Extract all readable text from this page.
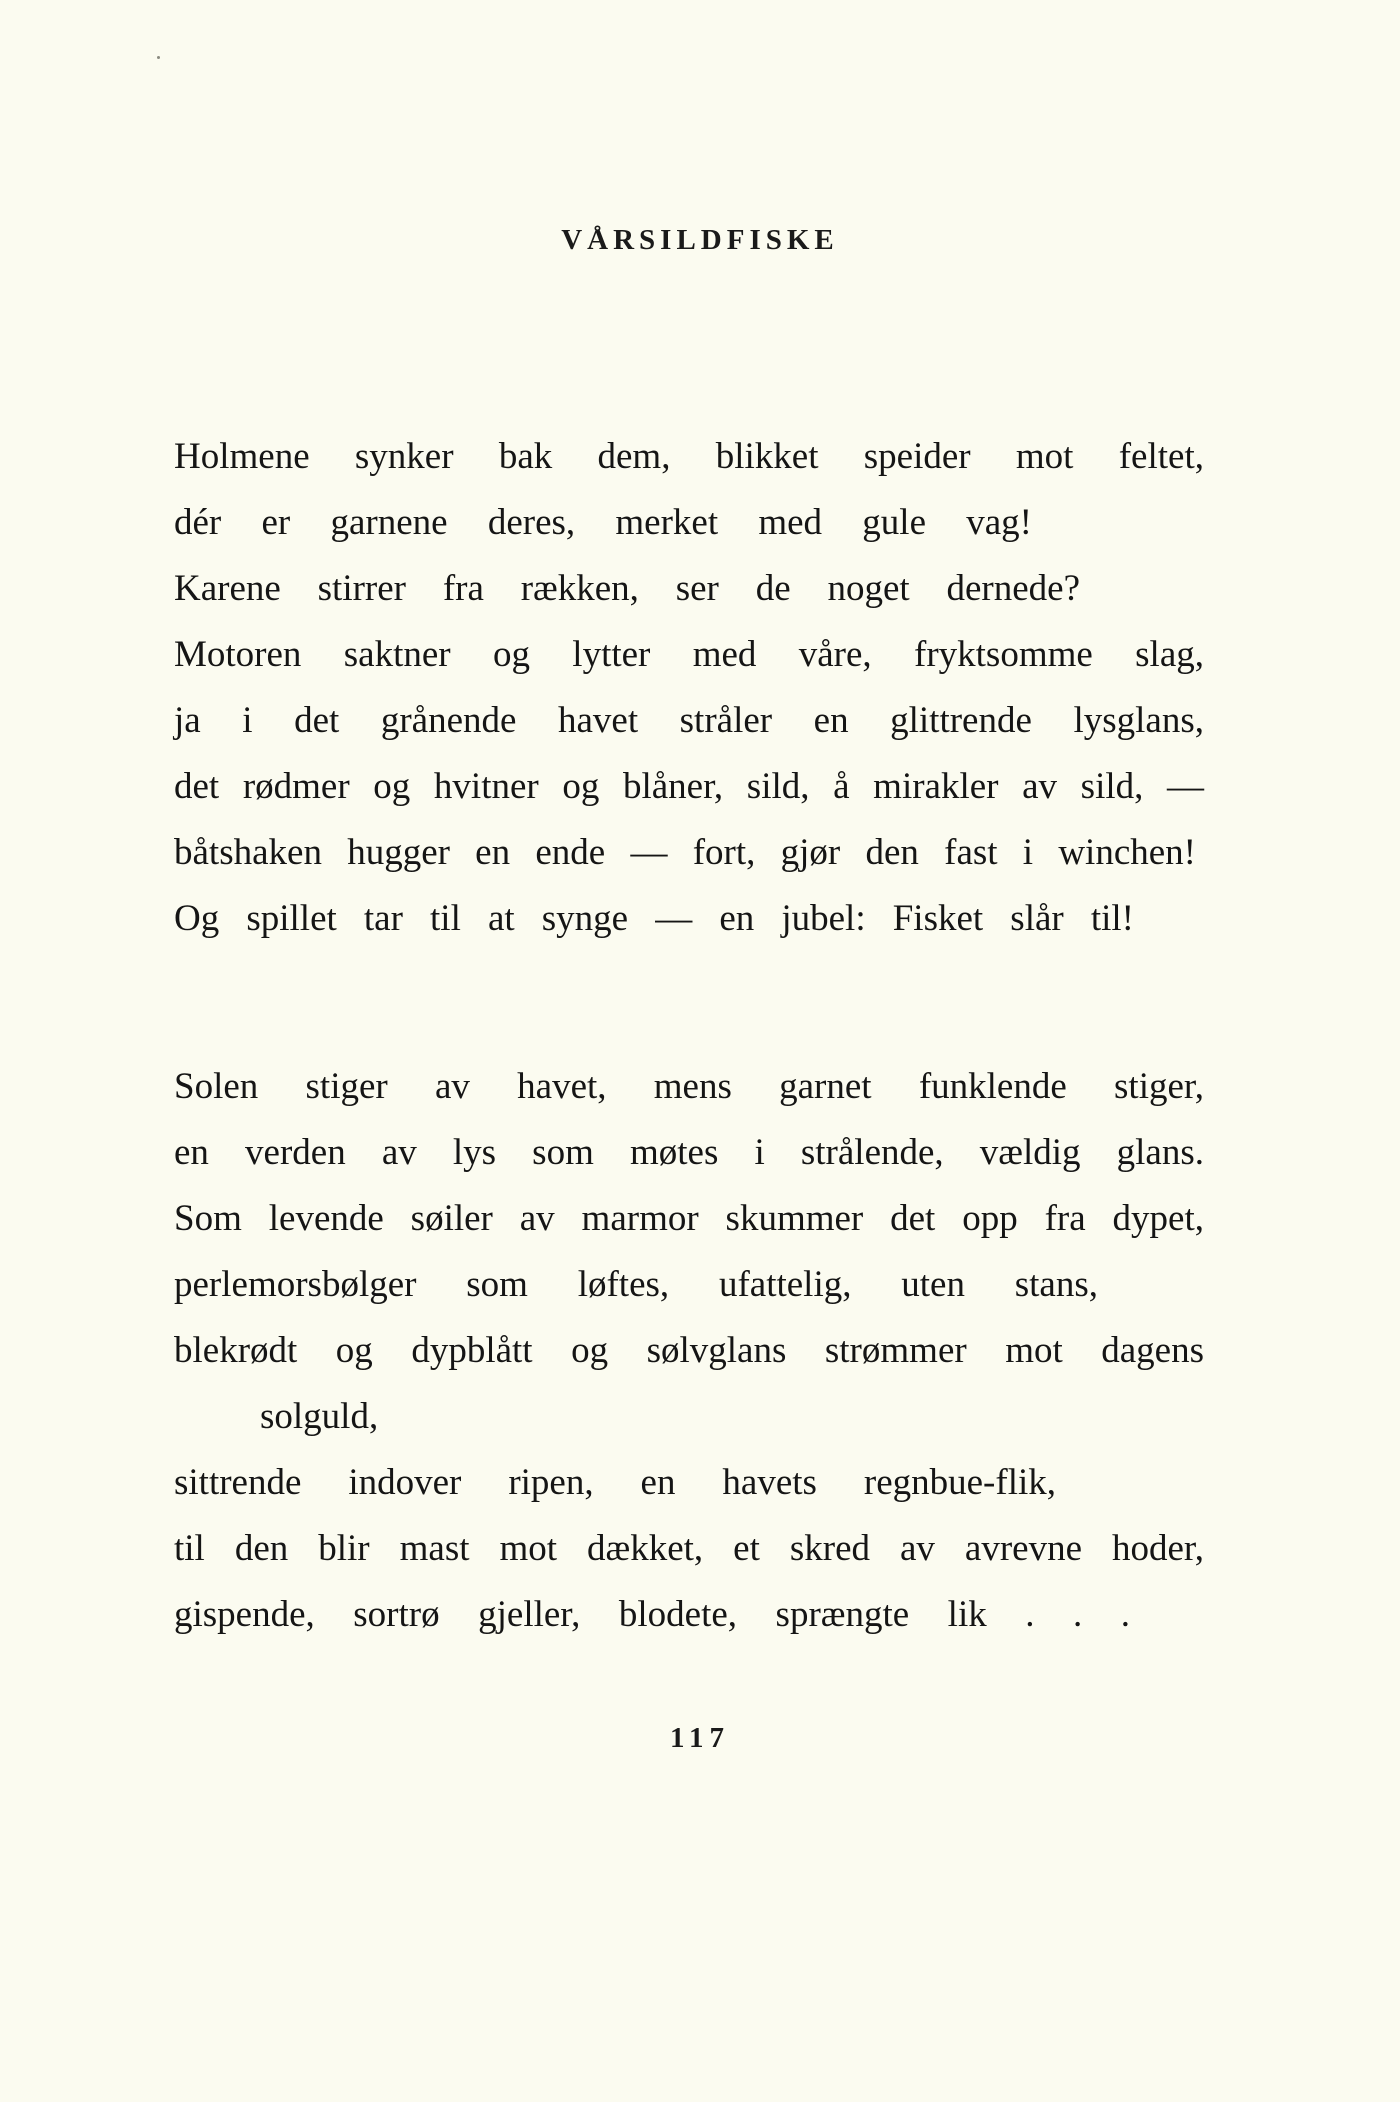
VÅRSILDFISKE
Holmene synker bak dem, blikket speider mot feltet,
dér er garnene deres, merket med gule vag!
Karene stirrer fra rækken, ser de noget dernede?
Motoren saktner og lytter med våre, fryktsomme slag,
ja i det grånende havet stråler en glittrende lysglans,
det rødmer og hvitner og blåner, sild, å mirakler av sild, —
båtshaken hugger en ende — fort, gjør den fast i winchen!
Og spillet tar til at synge — en jubel: Fisket slår til!
Solen stiger av havet, mens garnet funklende stiger,
en verden av lys som møtes i strålende, vældig glans.
Som levende søiler av marmor skummer det opp fra dypet,
perlemorsbølger som løftes, ufattelig, uten stans,
blekrødt og dypblått og sølvglans strømmer mot dagens
solguld,
sittrende indover ripen, en havets regnbue-flik,
til den blir mast mot dækket, et skred av avrevne hoder,
gispende, sortrø gjeller, blodete, sprængte lik . . .
117
